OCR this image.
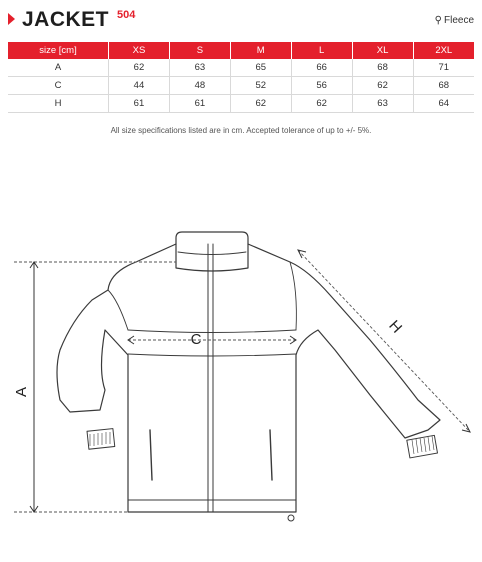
JACKET 504	⚲ Fleece
size [cm]	XS	S	M	L	XL	2XL
A	62	63	65	66	68	71
C	44	48	52	56	62	68
H	61	61	62	62	63	64
All size specifications listed are in cm. Accepted tolerance of up to +/- 5%.
A
C
H
